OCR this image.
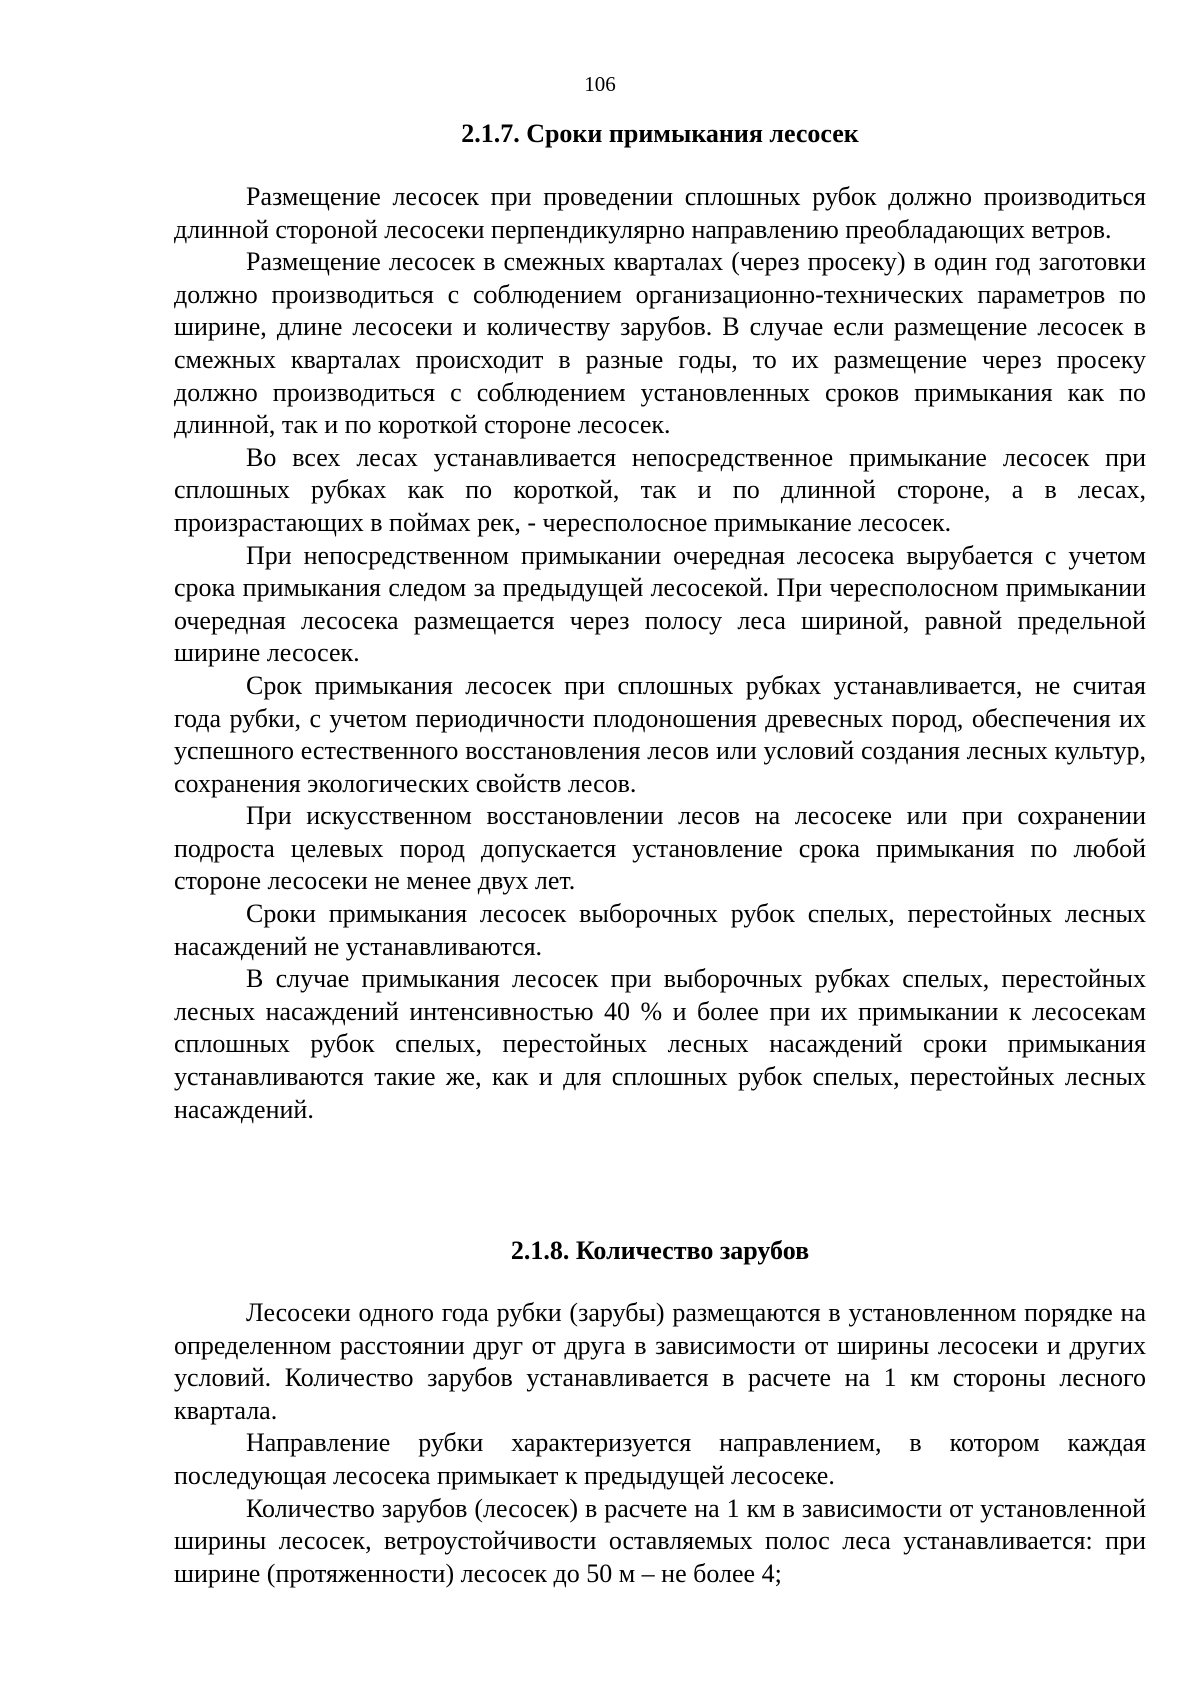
106
2.1.7. Сроки примыкания лесосек

Размещение лесосек при проведении сплошных рубок должно производиться длинной стороной лесосеки перпендикулярно направлению преобладающих ветров.

Размещение лесосек в смежных кварталах (через просеку) в один год заготовки должно производиться с соблюдением организационно-технических параметров по ширине, длине лесосеки и количеству зарубов. В случае если размещение лесосек в смежных кварталах происходит в разные годы, то их размещение через просеку должно производиться с соблюдением установленных сроков примыкания как по длинной, так и по короткой стороне лесосек.

Во всех лесах устанавливается непосредственное примыкание лесосек при сплошных рубках как по короткой, так и по длинной стороне, а в лесах, произрастающих в поймах рек, - чересполосное примыкание лесосек.

При непосредственном примыкании очередная лесосека вырубается с учетом срока примыкания следом за предыдущей лесосекой. При чересполосном примыкании очередная лесосека размещается через полосу леса шириной, равной предельной ширине лесосек.

Срок примыкания лесосек при сплошных рубках устанавливается, не считая года рубки, с учетом периодичности плодоношения древесных пород, обеспечения их успешного естественного восстановления лесов или условий создания лесных культур, сохранения экологических свойств лесов.

При искусственном восстановлении лесов на лесосеке или при сохранении подроста целевых пород допускается установление срока примыкания по любой стороне лесосеки не менее двух лет.

Сроки примыкания лесосек выборочных рубок спелых, перестойных лесных насаждений не устанавливаются.

В случае примыкания лесосек при выборочных рубках спелых, перестойных лесных насаждений интенсивностью 40 % и более при их примыкании к лесосекам сплошных рубок спелых, перестойных лесных насаждений сроки примыкания устанавливаются такие же, как и для сплошных рубок спелых, перестойных лесных насаждений.

2.1.8. Количество зарубов

Лесосеки одного года рубки (зарубы) размещаются в установленном порядке на определенном расстоянии друг от друга в зависимости от ширины лесосеки и других условий. Количество зарубов устанавливается в расчете на 1 км стороны лесного квартала.

Направление рубки характеризуется направлением, в котором каждая последующая лесосека примыкает к предыдущей лесосеке.

Количество зарубов (лесосек) в расчете на 1 км в зависимости от установленной ширины лесосек, ветроустойчивости оставляемых полос леса устанавливается: при ширине (протяженности) лесосек до 50 м – не более 4;
